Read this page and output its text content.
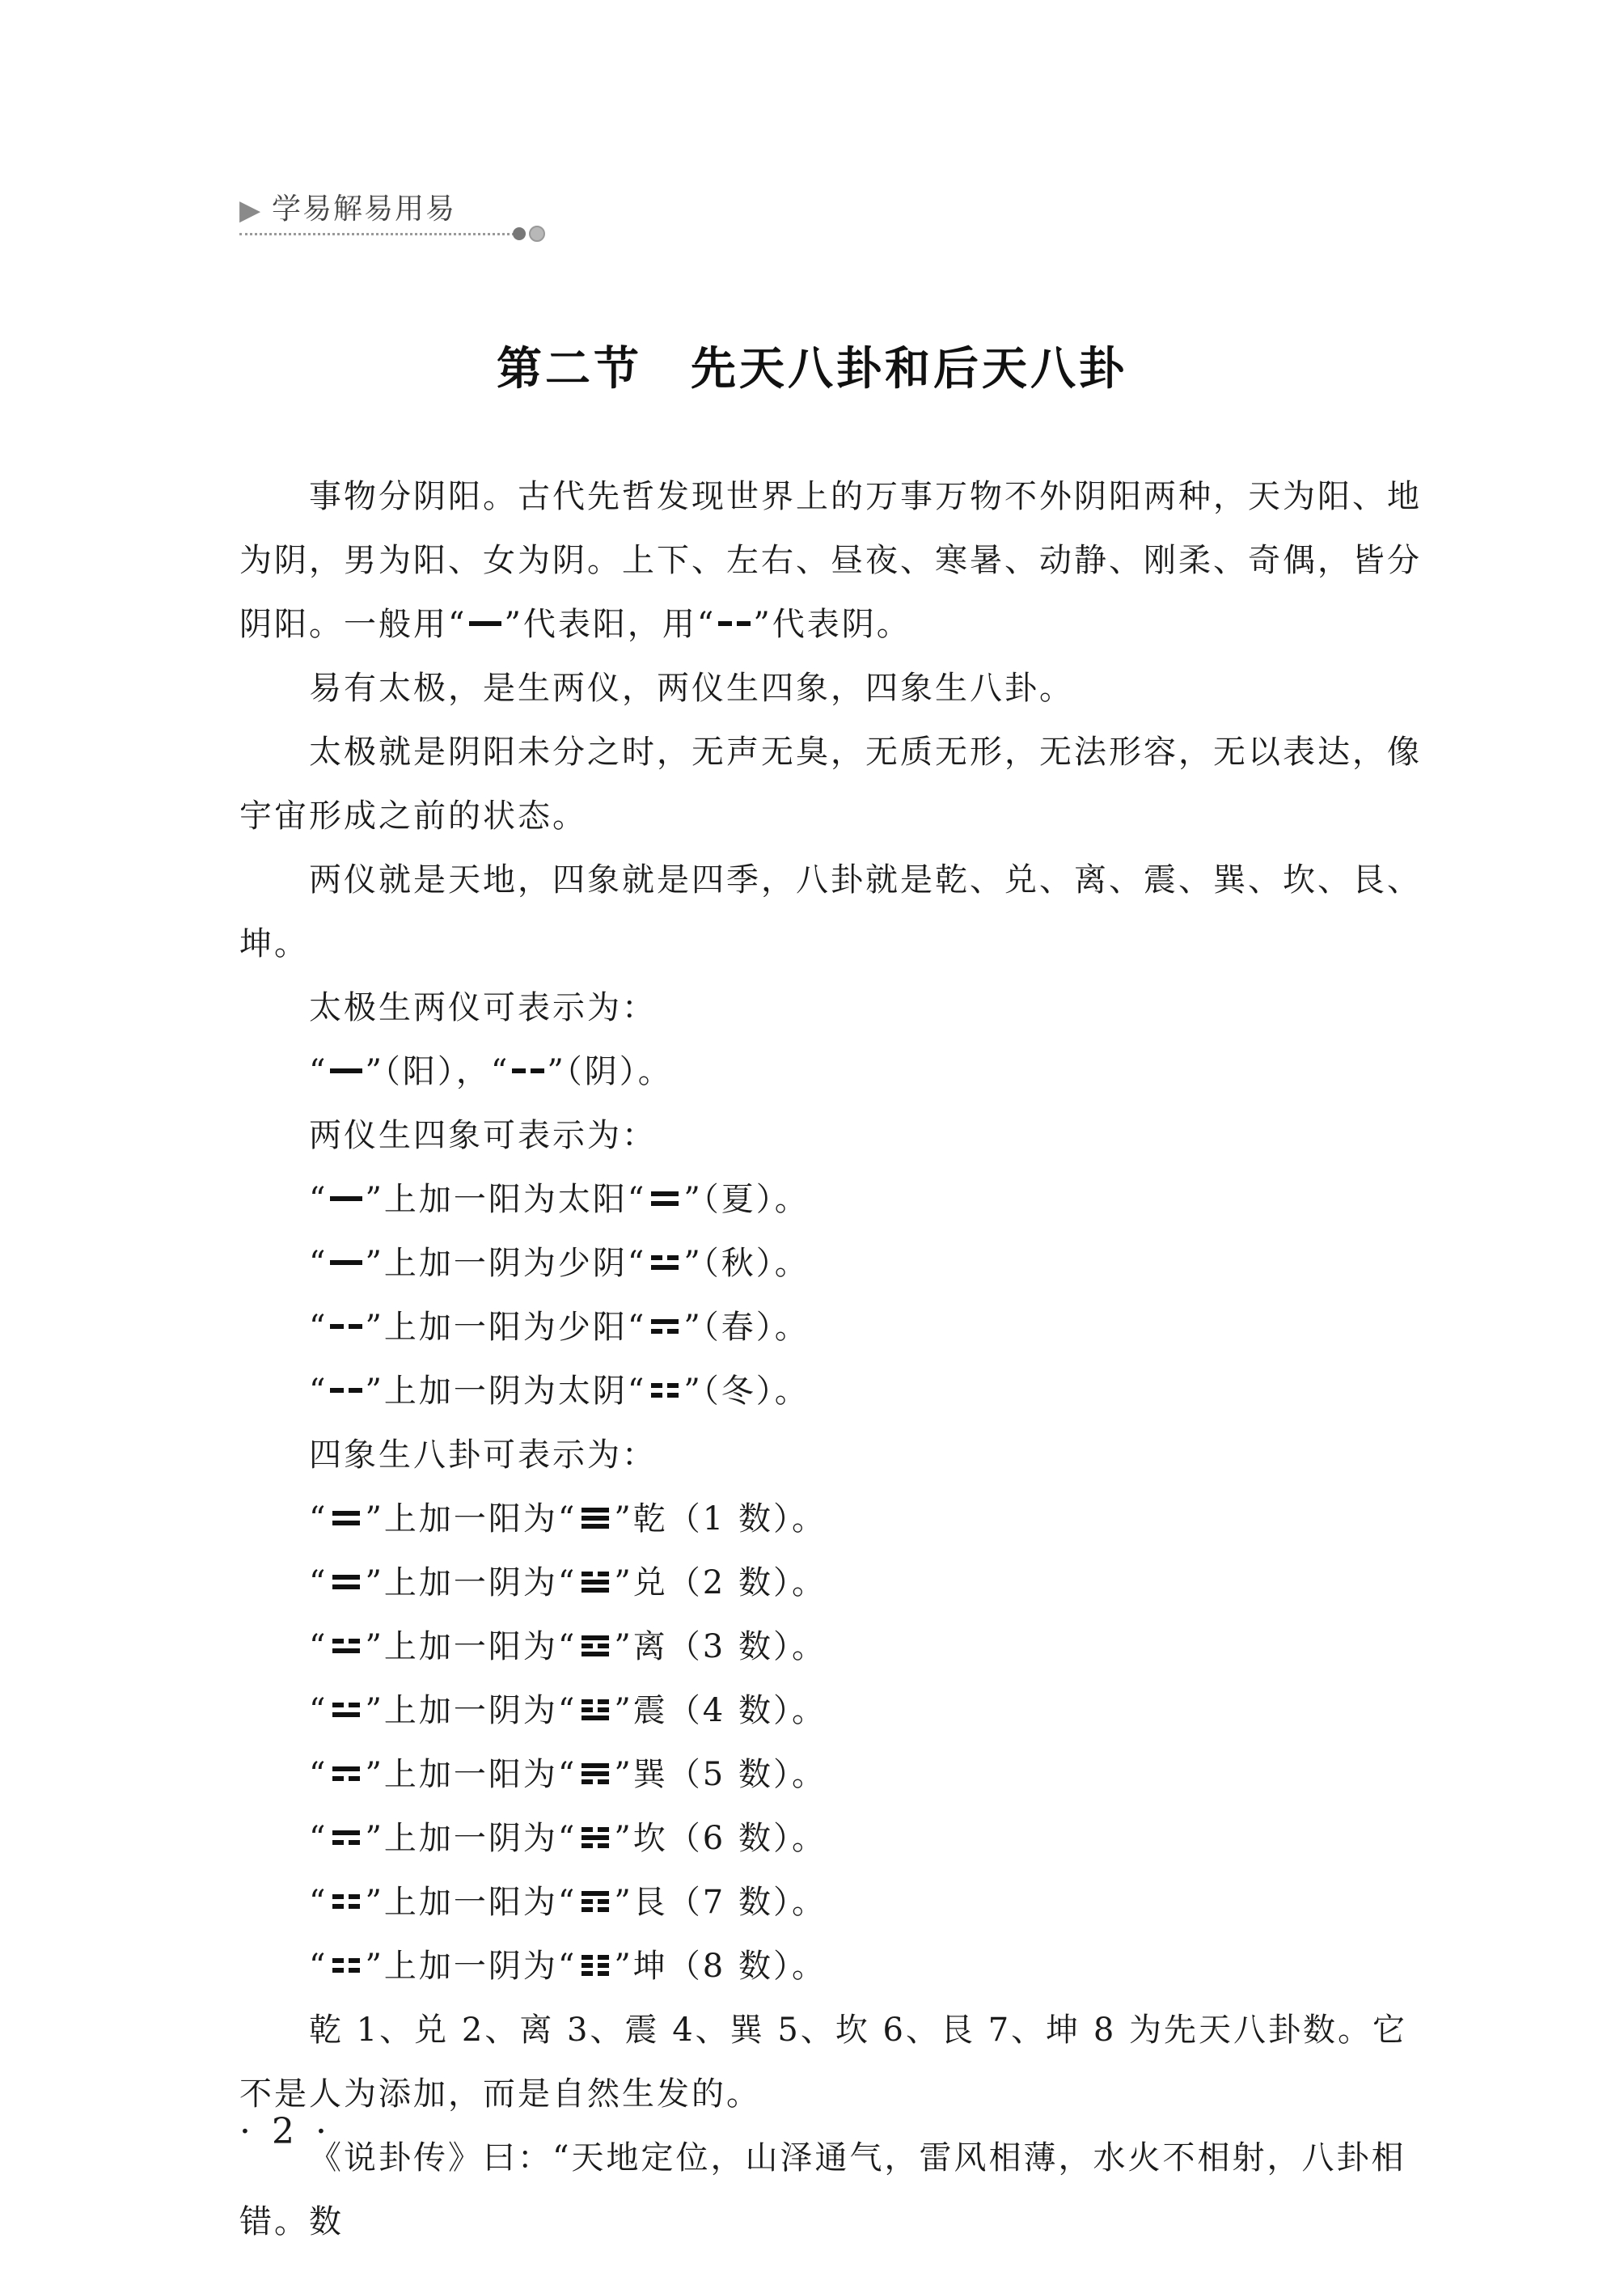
▶ 学易解易用易
第二节 先天八卦和后天八卦

事物分阴阳。古代先哲发现世界上的万事万物不外阴阳两种，天为阳、地为阴，男为阳、女为阴。上下、左右、昼夜、寒暑、动静、刚柔、奇偶，皆分阴阳。一般用“ ”代表阳，用“ ”代表阴。

易有太极，是生两仪，两仪生四象，四象生八卦。

太极就是阴阳未分之时，无声无臭，无质无形，无法形容，无以表达，像宇宙形成之前的状态。

两仪就是天地，四象就是四季，八卦就是乾、兑、离、震、巽、坎、艮、坤。

太极生两仪可表示为：

“ ”（阳），“ ”（阴）。

两仪生四象可表示为：

“ ”上加一阳为太阳“ ”（夏）。

“ ”上加一阴为少阴“ ”（秋）。

“ ”上加一阳为少阳“ ”（春）。

“ ”上加一阴为太阴“ ”（冬）。

四象生八卦可表示为：

“ ”上加一阳为“ ”乾（1 数）。

“ ”上加一阴为“ ”兑（2 数）。

“ ”上加一阳为“ ”离（3 数）。

“ ”上加一阴为“ ”震（4 数）。

“ ”上加一阳为“ ”巽（5 数）。

“ ”上加一阴为“ ”坎（6 数）。

“ ”上加一阳为“ ”艮（7 数）。

“ ”上加一阴为“ ”坤（8 数）。

乾 1、兑 2、离 3、震 4、巽 5、坎 6、艮 7、坤 8 为先天八卦数。它不是人为添加，而是自然生发的。

《说卦传》曰：“天地定位，山泽通气，雷风相薄，水火不相射，八卦相错。数

· 2 ·
